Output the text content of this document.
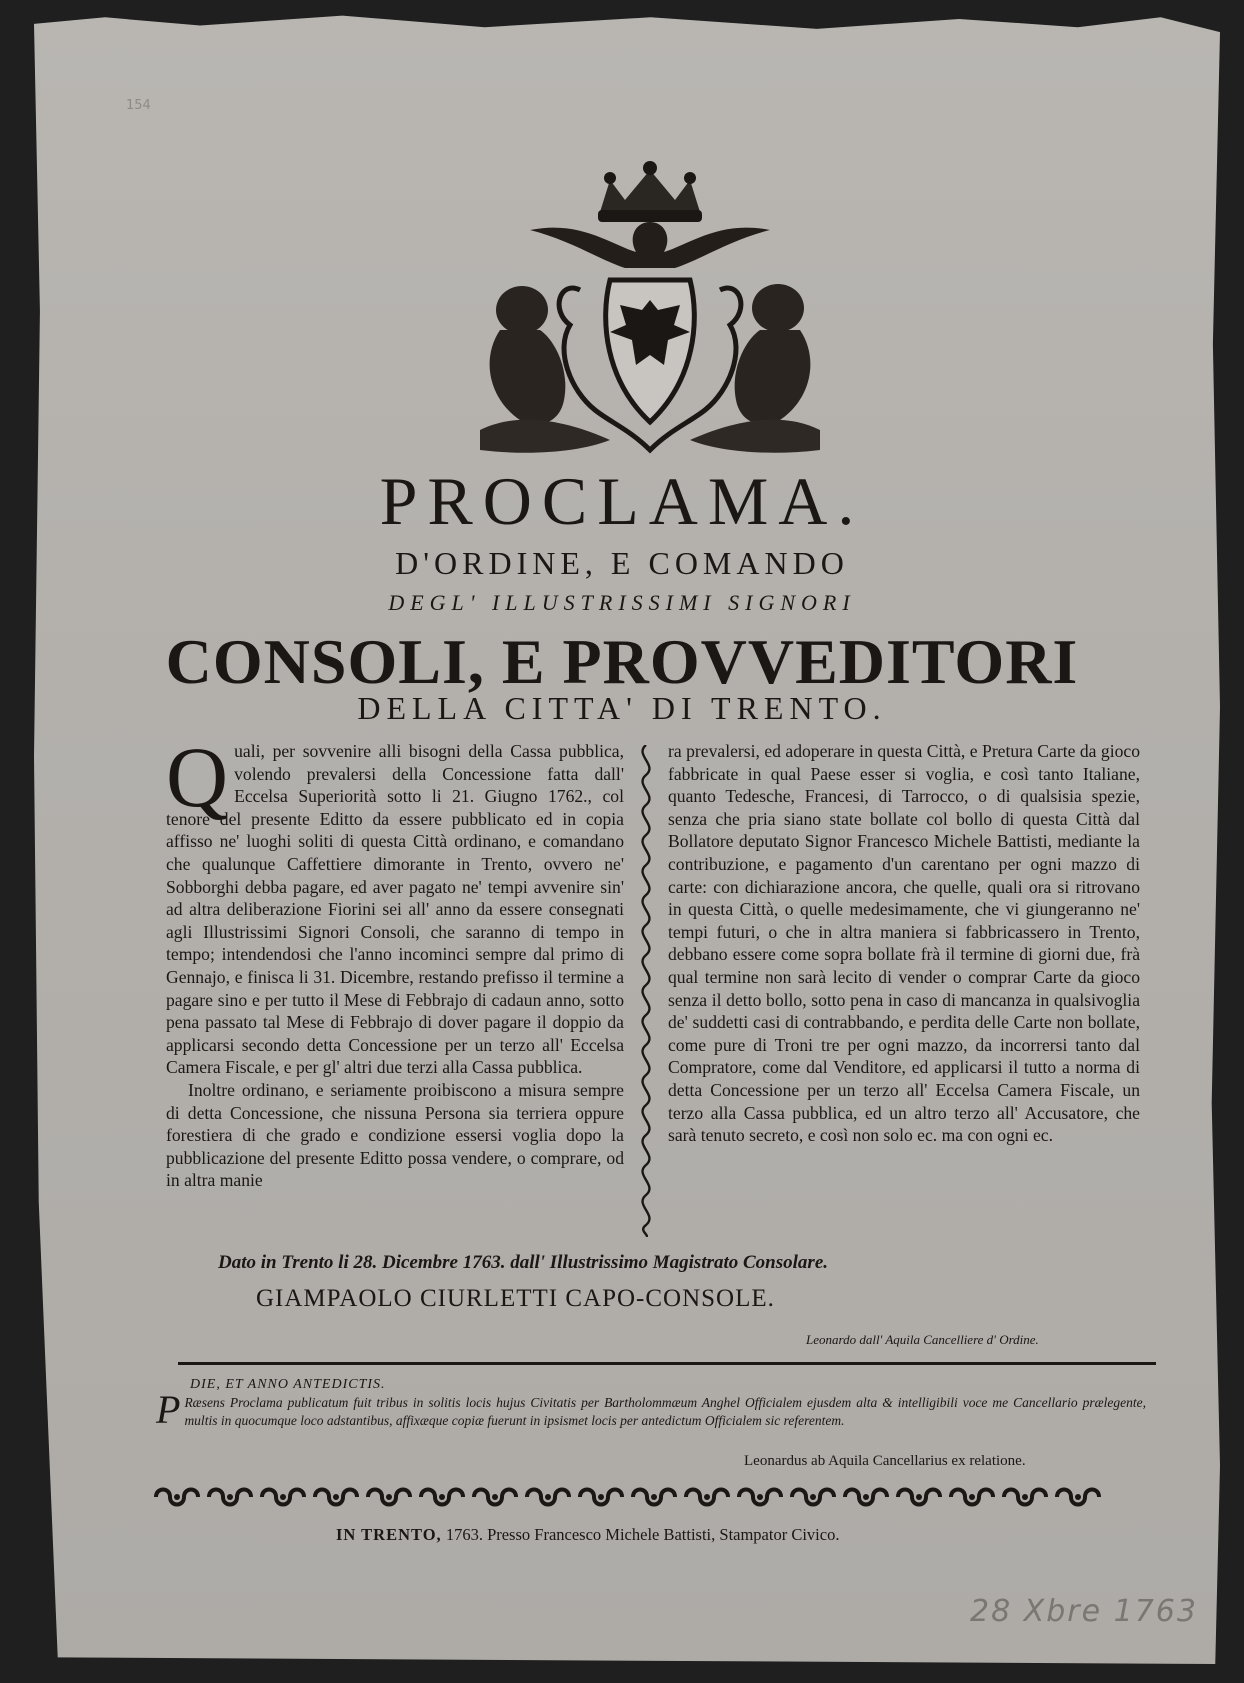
154
PROCLAMA.
D'ORDINE, E COMANDO
DEGL' ILLUSTRISSIMI SIGNORI
CONSOLI, E PROVVEDITORI
DELLA CITTA' DI TRENTO.

Quali, per sovvenire alli bisogni della Cassa pubblica, volendo prevalersi della Concessione fatta dall' Eccelsa Superiorità sotto li 21. Giugno 1762., col tenore del presente Editto da essere pubblicato ed in copia affisso ne' luoghi soliti di questa Città ordinano, e comandano che qualunque Caffettiere dimorante in Trento, ovvero ne' Sobborghi debba pagare, ed aver pagato ne' tempi avvenire sin' ad altra deliberazione Fiorini sei all' anno da essere consegnati agli Illustrissimi Signori Consoli, che saranno di tempo in tempo; intendendosi che l'anno incominci sempre dal primo di Gennajo, e finisca li 31. Dicembre, restando prefisso il termine a pagare sino e per tutto il Mese di Febbrajo di cadaun anno, sotto pena passato tal Mese di Febbrajo di dover pagare il doppio da applicarsi secondo detta Concessione per un terzo all' Eccelsa Camera Fiscale, e per gl' altri due terzi alla Cassa pubblica.

Inoltre ordinano, e seriamente proibiscono a misura sempre di detta Concessione, che nissuna Persona sia terriera oppure forestiera di che grado e condizione essersi voglia dopo la pubblicazione del presente Editto possa vendere, o comprare, od in altra manie

ra prevalersi, ed adoperare in questa Città, e Pretura Carte da gioco fabbricate in qual Paese esser si voglia, e così tanto Italiane, quanto Tedesche, Francesi, di Tarrocco, o di qualsisia spezie, senza che pria siano state bollate col bollo di questa Città dal Bollatore deputato Signor Francesco Michele Battisti, mediante la contribuzione, e pagamento d'un carentano per ogni mazzo di carte: con dichiarazione ancora, che quelle, quali ora si ritrovano in questa Città, o quelle medesimamente, che vi giungeranno ne' tempi futuri, o che in altra maniera si fabbricassero in Trento, debbano essere come sopra bollate frà il termine di giorni due, frà qual termine non sarà lecito di vender o comprar Carte da gioco senza il detto bollo, sotto pena in caso di mancanza in qualsivoglia de' suddetti casi di contrabbando, e perdita delle Carte non bollate, come pure di Troni tre per ogni mazzo, da incorrersi tanto dal Compratore, come dal Venditore, ed applicarsi il tutto a norma di detta Concessione per un terzo all' Eccelsa Camera Fiscale, un terzo alla Cassa pubblica, ed un altro terzo all' Accusatore, che sarà tenuto secreto, e così non solo ec. ma con ogni ec.

Dato in Trento li 28. Dicembre 1763. dall' Illustrissimo Magistrato Consolare.
GIAMPAOLO CIURLETTI CAPO-CONSOLE.
Leonardo dall' Aquila Cancelliere d' Ordine.
DIE, ET ANNO ANTEDICTIS.
P Ræsens Proclama publicatum fuit tribus in solitis locis hujus Civitatis per Bartholommæum Anghel Officialem ejusdem alta & intelligibili voce me Cancellario prælegente, multis in quocumque loco adstantibus, affixæque copiæ fuerunt in ipsismet locis per antedictum Officialem sic referentem.
Leonardus ab Aquila Cancellarius ex relatione.
IN TRENTO, 1763. Presso Francesco Michele Battisti, Stampator Civico.
28 Xbre 1763
